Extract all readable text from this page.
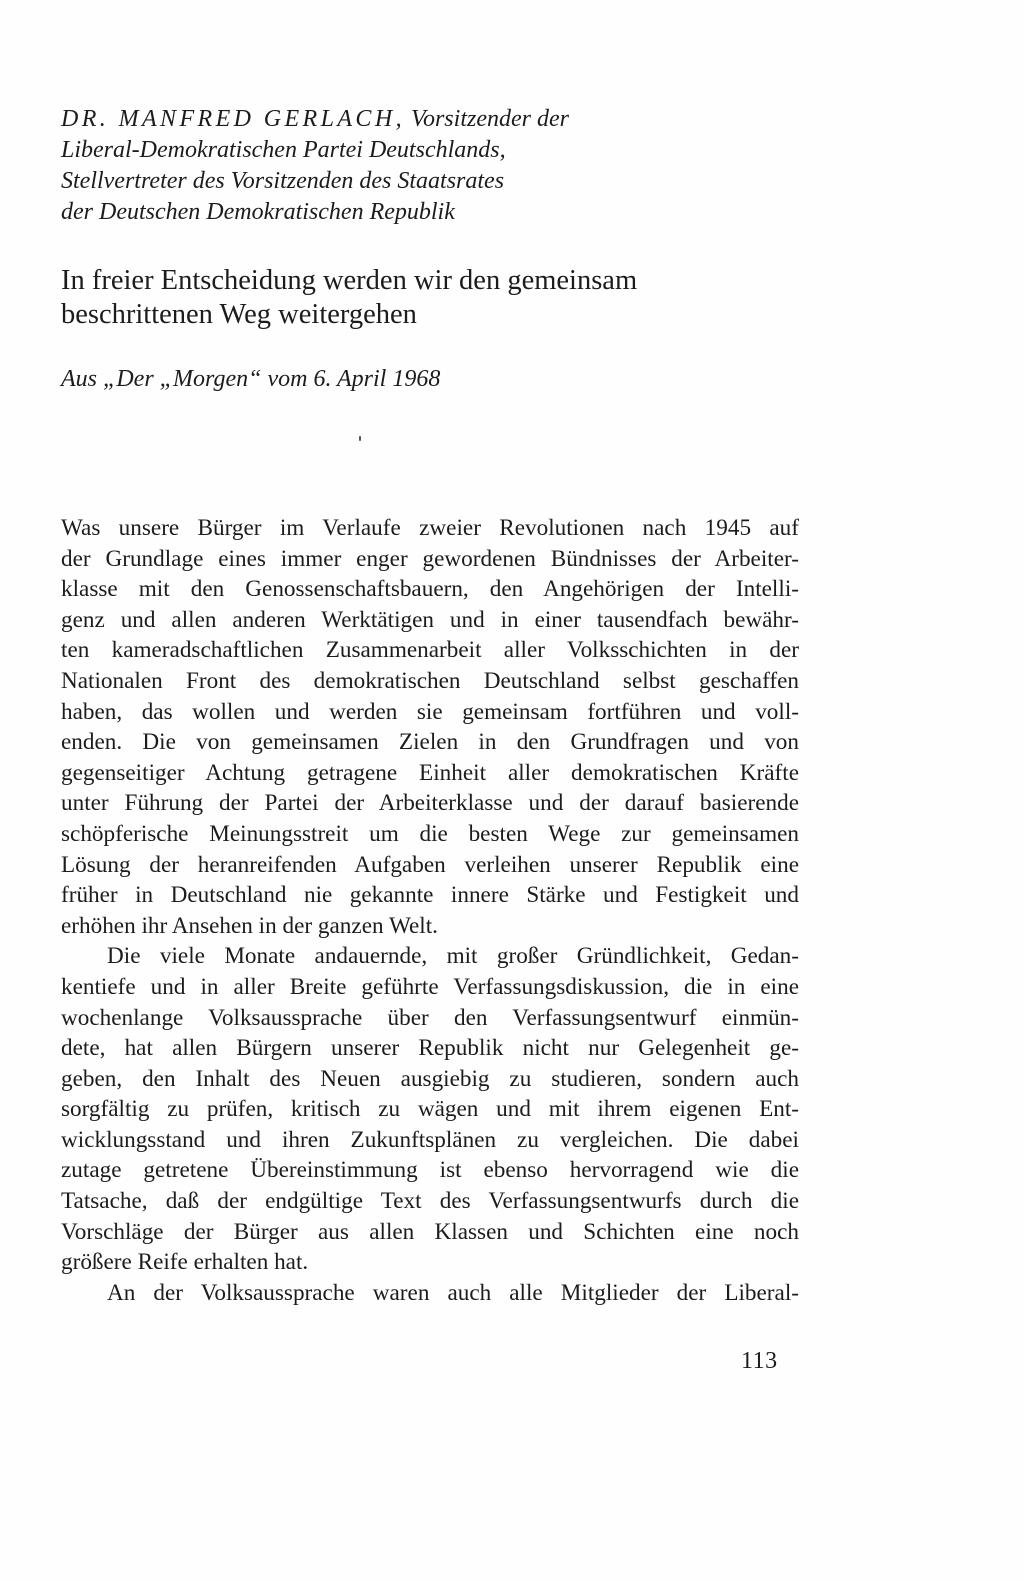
DR. MANFRED GERLACH, Vorsitzender der
Liberal-Demokratischen Partei Deutschlands,
Stellvertreter des Vorsitzenden des Staatsrates
der Deutschen Demokratischen Republik
In freier Entscheidung werden wir den gemeinsam
beschrittenen Weg weitergehen
Aus „Der „Morgen“ vom 6. April 1968
Was unsere Bürger im Verlaufe zweier Revolutionen nach 1945 auf
der Grundlage eines immer enger gewordenen Bündnisses der Arbeiter-
klasse mit den Genossenschaftsbauern, den Angehörigen der Intelli-
genz und allen anderen Werktätigen und in einer tausendfach bewähr-
ten kameradschaftlichen Zusammenarbeit aller Volksschichten in der
Nationalen Front des demokratischen Deutschland selbst geschaffen
haben, das wollen und werden sie gemeinsam fortführen und voll-
enden. Die von gemeinsamen Zielen in den Grundfragen und von
gegenseitiger Achtung getragene Einheit aller demokratischen Kräfte
unter Führung der Partei der Arbeiterklasse und der darauf basierende
schöpferische Meinungsstreit um die besten Wege zur gemeinsamen
Lösung der heranreifenden Aufgaben verleihen unserer Republik eine
früher in Deutschland nie gekannte innere Stärke und Festigkeit und
erhöhen ihr Ansehen in der ganzen Welt.
Die viele Monate andauernde, mit großer Gründlichkeit, Gedan-
kentiefe und in aller Breite geführte Verfassungsdiskussion, die in eine
wochenlange Volksaussprache über den Verfassungsentwurf einmün-
dete, hat allen Bürgern unserer Republik nicht nur Gelegenheit ge-
geben, den Inhalt des Neuen ausgiebig zu studieren, sondern auch
sorgfältig zu prüfen, kritisch zu wägen und mit ihrem eigenen Ent-
wicklungsstand und ihren Zukunftsplänen zu vergleichen. Die dabei
zutage getretene Übereinstimmung ist ebenso hervorragend wie die
Tatsache, daß der endgültige Text des Verfassungsentwurfs durch die
Vorschläge der Bürger aus allen Klassen und Schichten eine noch
größere Reife erhalten hat.
An der Volksaussprache waren auch alle Mitglieder der Liberal-
113
